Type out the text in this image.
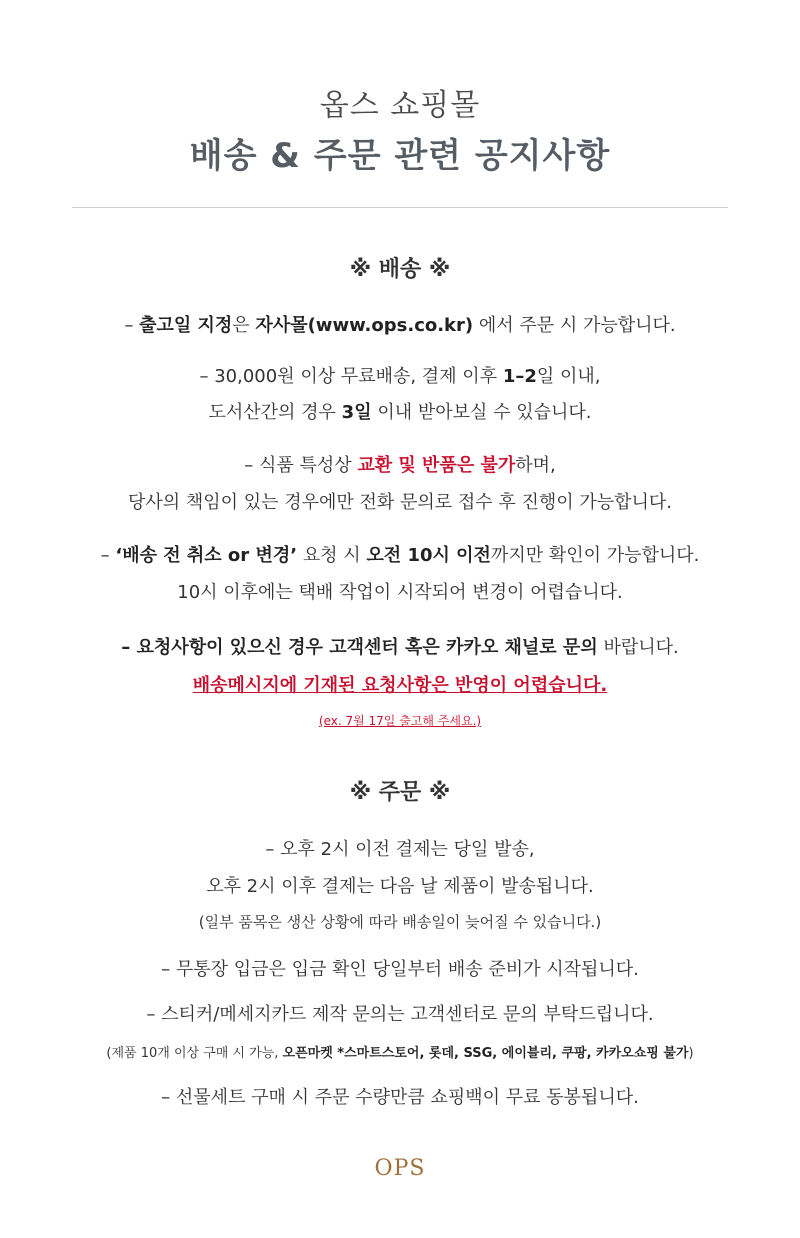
옵스 쇼핑몰
배송 & 주문 관련 공지사항
※ 배송 ※
– 출고일 지정은 자사몰(www.ops.co.kr) 에서 주문 시 가능합니다.
– 30,000원 이상 무료배송, 결제 이후 1–2일 이내,
도서산간의 경우 3일 이내 받아보실 수 있습니다.
– 식품 특성상 교환 및 반품은 불가하며,
당사의 책임이 있는 경우에만 전화 문의로 접수 후 진행이 가능합니다.
– ‘배송 전 취소 or 변경’ 요청 시 오전 10시 이전까지만 확인이 가능합니다.
10시 이후에는 택배 작업이 시작되어 변경이 어렵습니다.
– 요청사항이 있으신 경우 고객센터 혹은 카카오 채널로 문의 바랍니다.
배송메시지에 기재된 요청사항은 반영이 어렵습니다.
(ex. 7월 17일 출고해 주세요.)
※ 주문 ※
– 오후 2시 이전 결제는 당일 발송,
오후 2시 이후 결제는 다음 날 제품이 발송됩니다.
(일부 품목은 생산 상황에 따라 배송일이 늦어질 수 있습니다.)
– 무통장 입금은 입금 확인 당일부터 배송 준비가 시작됩니다.
– 스티커/메세지카드 제작 문의는 고객센터로 문의 부탁드립니다.
(제품 10개 이상 구매 시 가능, 오픈마켓 *스마트스토어, 롯데, SSG, 에이블리, 쿠팡, 카카오쇼핑 불가)
– 선물세트 구매 시 주문 수량만큼 쇼핑백이 무료 동봉됩니다.
OPS
